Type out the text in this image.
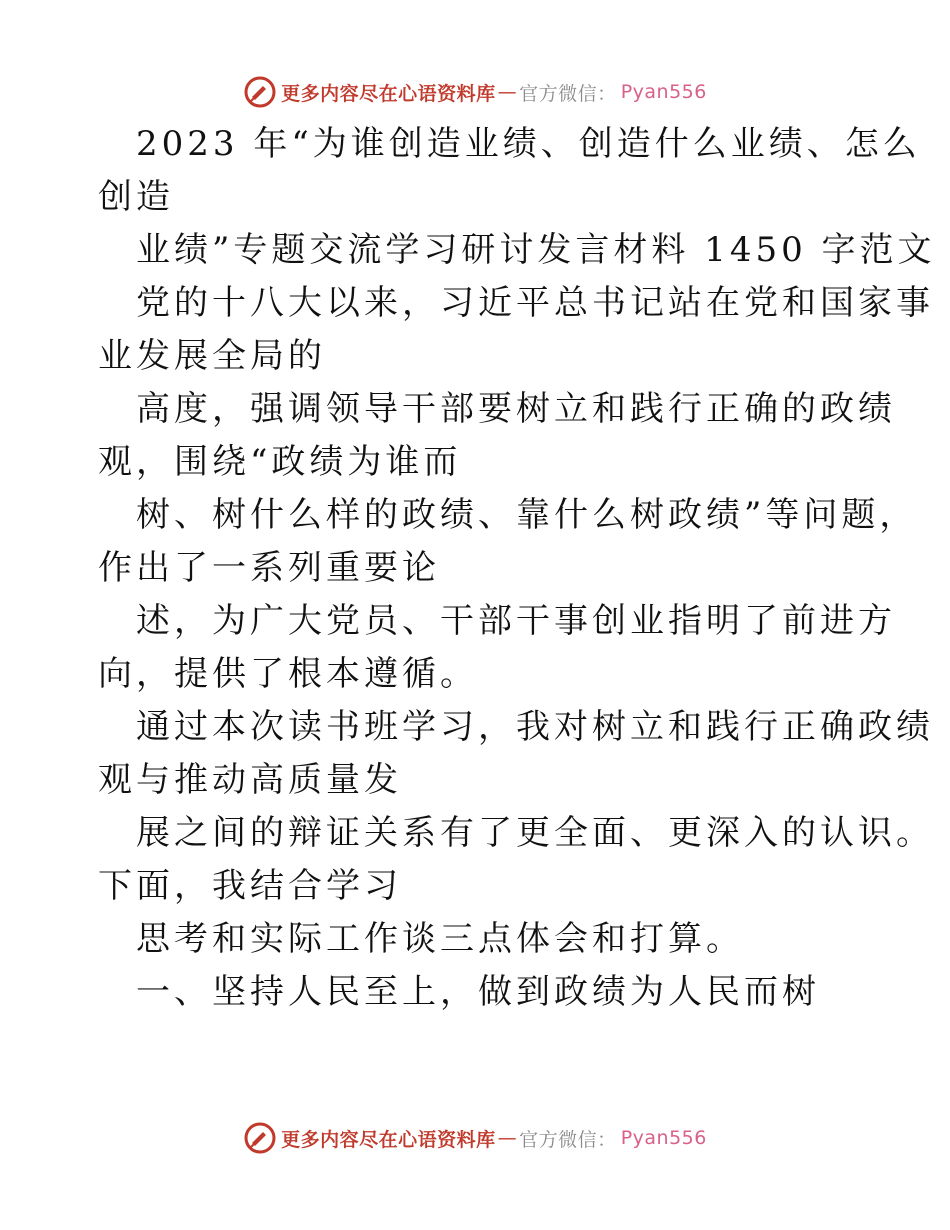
更多内容尽在心语资料库 — 官方微信： Pyan556
2023 年“为谁创造业绩、创造什么业绩、怎么
创造
业绩”专题交流学习研讨发言材料 1450 字范文
党的十八大以来，习近平总书记站在党和国家事
业发展全局的
高度，强调领导干部要树立和践行正确的政绩
观，围绕“政绩为谁而
树、树什么样的政绩、靠什么树政绩”等问题，
作出了一系列重要论
述，为广大党员、干部干事创业指明了前进方
向，提供了根本遵循。
通过本次读书班学习，我对树立和践行正确政绩
观与推动高质量发
展之间的辩证关系有了更全面、更深入的认识。
下面，我结合学习
思考和实际工作谈三点体会和打算。
一、坚持人民至上，做到政绩为人民而树
更多内容尽在心语资料库 — 官方微信： Pyan556
